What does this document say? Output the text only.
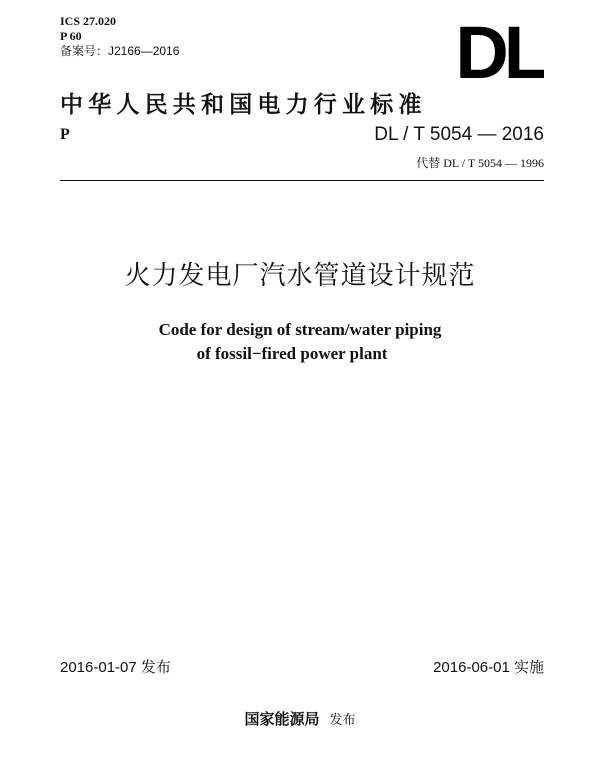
ICS 27.020
P 60
备案号：J2166—2016	DL
中华人民共和国电力行业标准
P	DL / T 5054 — 2016
代替 DL / T 5054 — 1996
火力发电厂汽水管道设计规范
Code for design of stream/water piping
of fossil−fired power plant
2016-01-07 发布	2016-06-01 实施
国家能源局 发布
